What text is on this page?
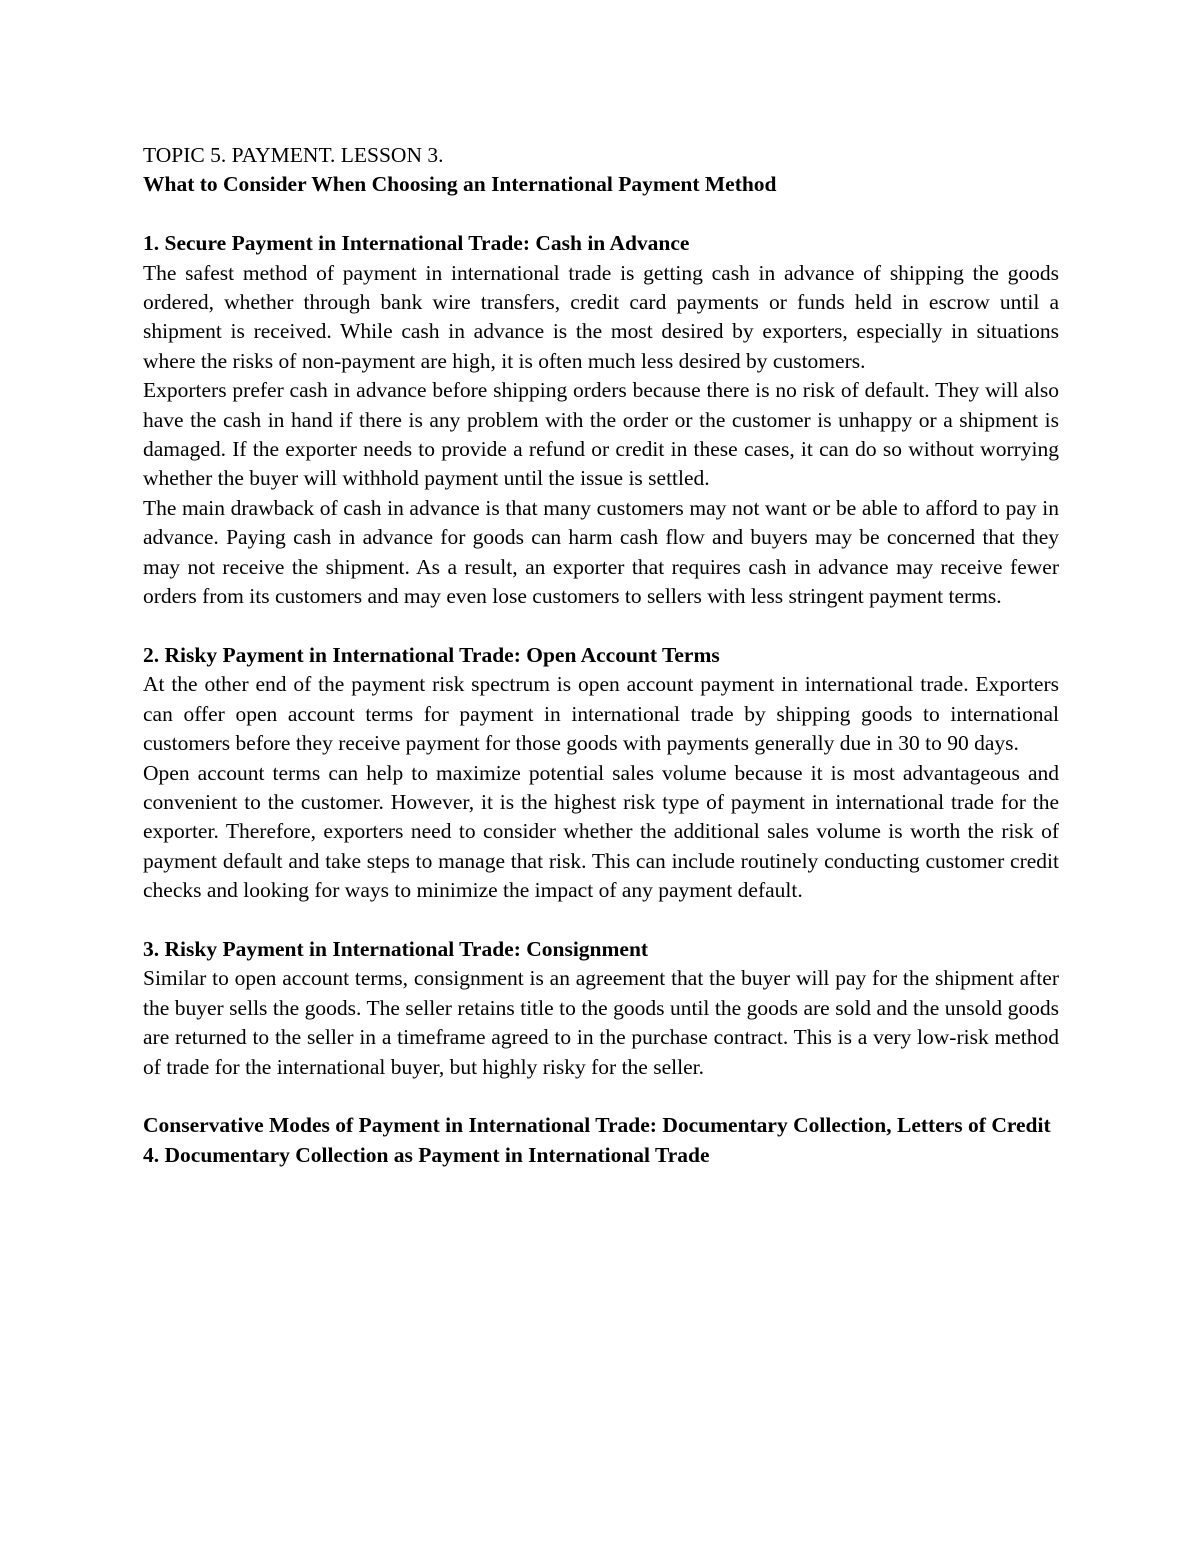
TOPIC 5. PAYMENT. LESSON 3.

What to Consider When Choosing an International Payment Method

1. Secure Payment in International Trade: Cash in Advance

The safest method of payment in international trade is getting cash in advance of shipping the goods ordered, whether through bank wire transfers, credit card payments or funds held in escrow until a shipment is received. While cash in advance is the most desired by exporters, especially in situations where the risks of non-payment are high, it is often much less desired by customers.

Exporters prefer cash in advance before shipping orders because there is no risk of default. They will also have the cash in hand if there is any problem with the order or the customer is unhappy or a shipment is damaged. If the exporter needs to provide a refund or credit in these cases, it can do so without worrying whether the buyer will withhold payment until the issue is settled.

The main drawback of cash in advance is that many customers may not want or be able to afford to pay in advance. Paying cash in advance for goods can harm cash flow and buyers may be concerned that they may not receive the shipment. As a result, an exporter that requires cash in advance may receive fewer orders from its customers and may even lose customers to sellers with less stringent payment terms.

2. Risky Payment in International Trade: Open Account Terms

At the other end of the payment risk spectrum is open account payment in international trade. Exporters can offer open account terms for payment in international trade by shipping goods to international customers before they receive payment for those goods with payments generally due in 30 to 90 days.

Open account terms can help to maximize potential sales volume because it is most advantageous and convenient to the customer. However, it is the highest risk type of payment in international trade for the exporter. Therefore, exporters need to consider whether the additional sales volume is worth the risk of payment default and take steps to manage that risk. This can include routinely conducting customer credit checks and looking for ways to minimize the impact of any payment default.

3. Risky Payment in International Trade: Consignment

Similar to open account terms, consignment is an agreement that the buyer will pay for the shipment after the buyer sells the goods. The seller retains title to the goods until the goods are sold and the unsold goods are returned to the seller in a timeframe agreed to in the purchase contract. This is a very low-risk method of trade for the international buyer, but highly risky for the seller.

Conservative Modes of Payment in International Trade: Documentary Collection, Letters of Credit

4. Documentary Collection as Payment in International Trade
